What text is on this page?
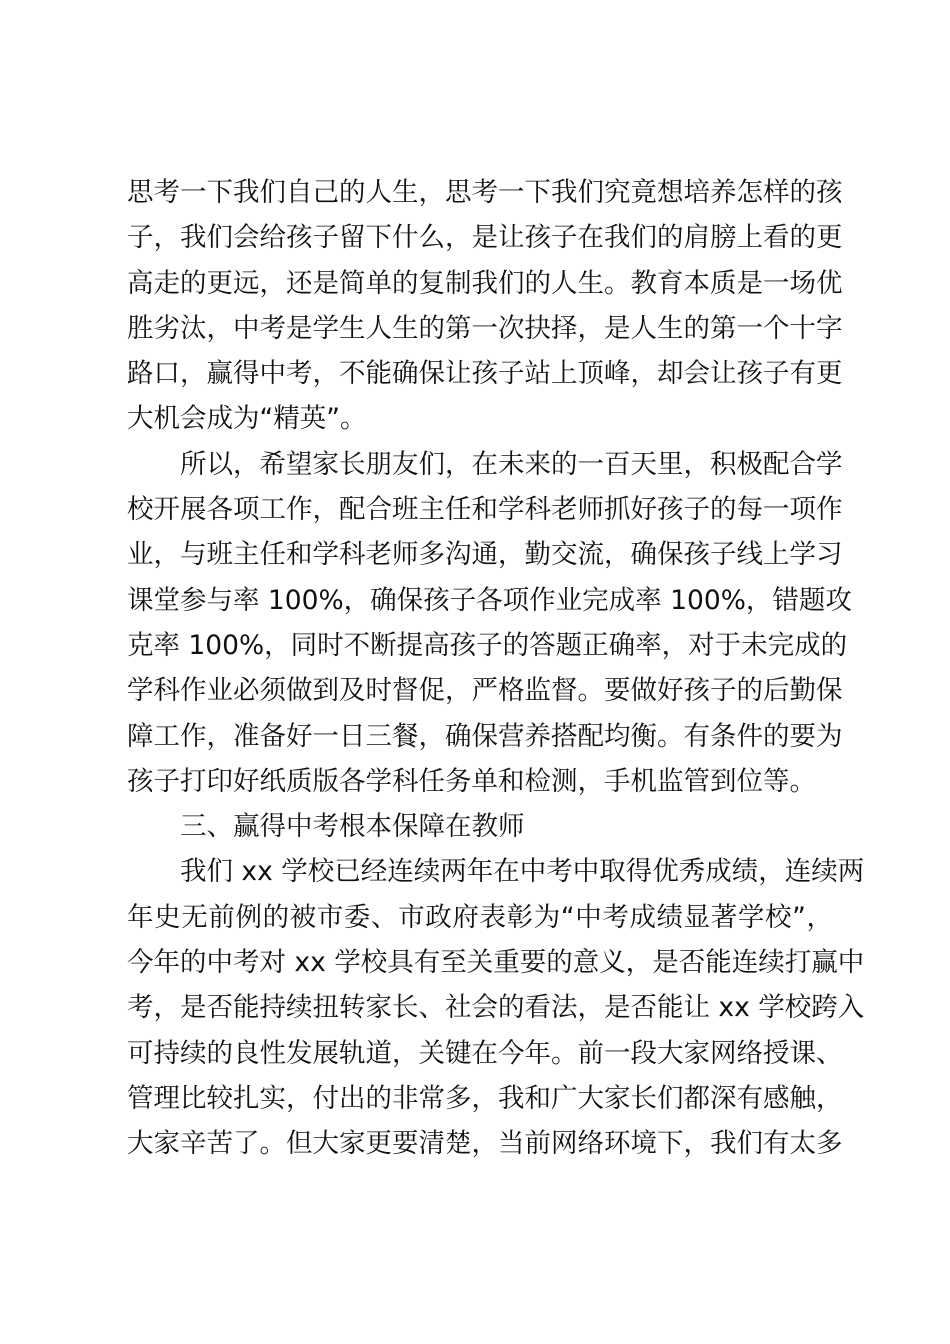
思考一下我们自己的人生，思考一下我们究竟想培养怎样的孩
子，我们会给孩子留下什么，是让孩子在我们的肩膀上看的更
高走的更远，还是简单的复制我们的人生。教育本质是一场优
胜劣汰，中考是学生人生的第一次抉择，是人生的第一个十字
路口，赢得中考，不能确保让孩子站上顶峰，却会让孩子有更
大机会成为“精英”。
所以，希望家长朋友们，在未来的一百天里，积极配合学
校开展各项工作，配合班主任和学科老师抓好孩子的每一项作
业，与班主任和学科老师多沟通，勤交流，确保孩子线上学习
课堂参与率 100%，确保孩子各项作业完成率 100%，错题攻
克率 100%，同时不断提高孩子的答题正确率，对于未完成的
学科作业必须做到及时督促，严格监督。要做好孩子的后勤保
障工作，准备好一日三餐，确保营养搭配均衡。有条件的要为
孩子打印好纸质版各学科任务单和检测，手机监管到位等。
三、赢得中考根本保障在教师
我们 xx 学校已经连续两年在中考中取得优秀成绩，连续两
年史无前例的被市委、市政府表彰为“中考成绩显著学校”，
今年的中考对 xx 学校具有至关重要的意义，是否能连续打赢中
考，是否能持续扭转家长、社会的看法，是否能让 xx 学校跨入
可持续的良性发展轨道，关键在今年。前一段大家网络授课、
管理比较扎实，付出的非常多，我和广大家长们都深有感触，
大家辛苦了。但大家更要清楚，当前网络环境下，我们有太多
